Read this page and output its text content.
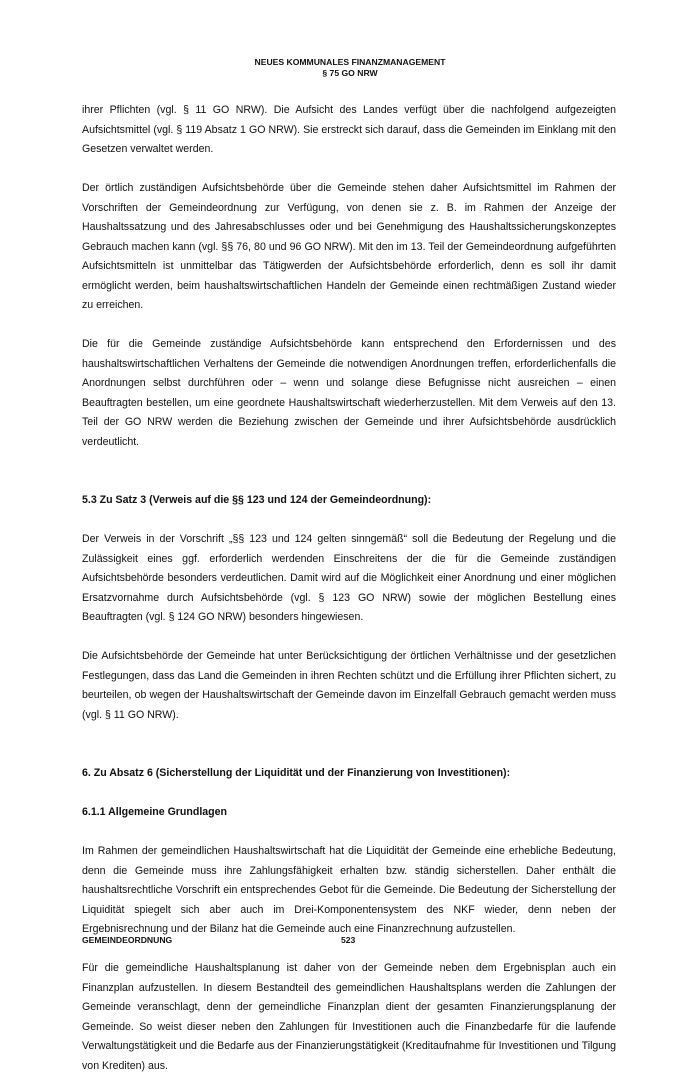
NEUES KOMMUNALES FINANZMANAGEMENT
§ 75 GO NRW

ihrer Pflichten (vgl. § 11 GO NRW). Die Aufsicht des Landes verfügt über die nachfolgend aufgezeigten Aufsichtsmittel (vgl. § 119 Absatz 1 GO NRW). Sie erstreckt sich darauf, dass die Gemeinden im Einklang mit den Gesetzen verwaltet werden.

Der örtlich zuständigen Aufsichtsbehörde über die Gemeinde stehen daher Aufsichtsmittel im Rahmen der Vorschriften der Gemeindeordnung zur Verfügung, von denen sie z. B. im Rahmen der Anzeige der Haushaltssatzung und des Jahresabschlusses oder und bei Genehmigung des Haushaltssicherungskonzeptes Gebrauch machen kann (vgl. §§ 76, 80 und 96 GO NRW). Mit den im 13. Teil der Gemeindeordnung aufgeführten Aufsichtsmitteln ist unmittelbar das Tätigwerden der Aufsichtsbehörde erforderlich, denn es soll ihr damit ermöglicht werden, beim haushaltswirtschaftlichen Handeln der Gemeinde einen rechtmäßigen Zustand wieder zu erreichen.

Die für die Gemeinde zuständige Aufsichtsbehörde kann entsprechend den Erfordernissen und des haushaltswirtschaftlichen Verhaltens der Gemeinde die notwendigen Anordnungen treffen, erforderlichenfalls die Anordnungen selbst durchführen oder – wenn und solange diese Befugnisse nicht ausreichen – einen Beauftragten bestellen, um eine geordnete Haushaltswirtschaft wiederherzustellen. Mit dem Verweis auf den 13. Teil der GO NRW werden die Beziehung zwischen der Gemeinde und ihrer Aufsichtsbehörde ausdrücklich verdeutlicht.

5.3 Zu Satz 3 (Verweis auf die §§ 123 und 124 der Gemeindeordnung):

Der Verweis in der Vorschrift „§§ 123 und 124 gelten sinngemäß“ soll die Bedeutung der Regelung und die Zulässigkeit eines ggf. erforderlich werdenden Einschreitens der die für die Gemeinde zuständigen Aufsichtsbehörde besonders verdeutlichen. Damit wird auf die Möglichkeit einer Anordnung und einer möglichen Ersatzvornahme durch Aufsichtsbehörde (vgl. § 123 GO NRW) sowie der möglichen Bestellung eines Beauftragten (vgl. § 124 GO NRW) besonders hingewiesen.

Die Aufsichtsbehörde der Gemeinde hat unter Berücksichtigung der örtlichen Verhältnisse und der gesetzlichen Festlegungen, dass das Land die Gemeinden in ihren Rechten schützt und die Erfüllung ihrer Pflichten sichert, zu beurteilen, ob wegen der Haushaltswirtschaft der Gemeinde davon im Einzelfall Gebrauch gemacht werden muss (vgl. § 11 GO NRW).

6. Zu Absatz 6 (Sicherstellung der Liquidität und der Finanzierung von Investitionen):

6.1.1 Allgemeine Grundlagen

Im Rahmen der gemeindlichen Haushaltswirtschaft hat die Liquidität der Gemeinde eine erhebliche Bedeutung, denn die Gemeinde muss ihre Zahlungsfähigkeit erhalten bzw. ständig sicherstellen. Daher enthält die haushaltsrechtliche Vorschrift ein entsprechendes Gebot für die Gemeinde. Die Bedeutung der Sicherstellung der Liquidität spiegelt sich aber auch im Drei-Komponentensystem des NKF wieder, denn neben der Ergebnisrechnung und der Bilanz hat die Gemeinde auch eine Finanzrechnung aufzustellen.

Für die gemeindliche Haushaltsplanung ist daher von der Gemeinde neben dem Ergebnisplan auch ein Finanzplan aufzustellen. In diesem Bestandteil des gemeindlichen Haushaltsplans werden die Zahlungen der Gemeinde veranschlagt, denn der gemeindliche Finanzplan dient der gesamten Finanzierungsplanung der Gemeinde. So weist dieser neben den Zahlungen für Investitionen auch die Finanzbedarfe für die laufende Verwaltungstätigkeit und die Bedarfe aus der Finanzierungstätigkeit (Kreditaufnahme für Investitionen und Tilgung von Krediten) aus.

GEMEINDEORDNUNG	523
